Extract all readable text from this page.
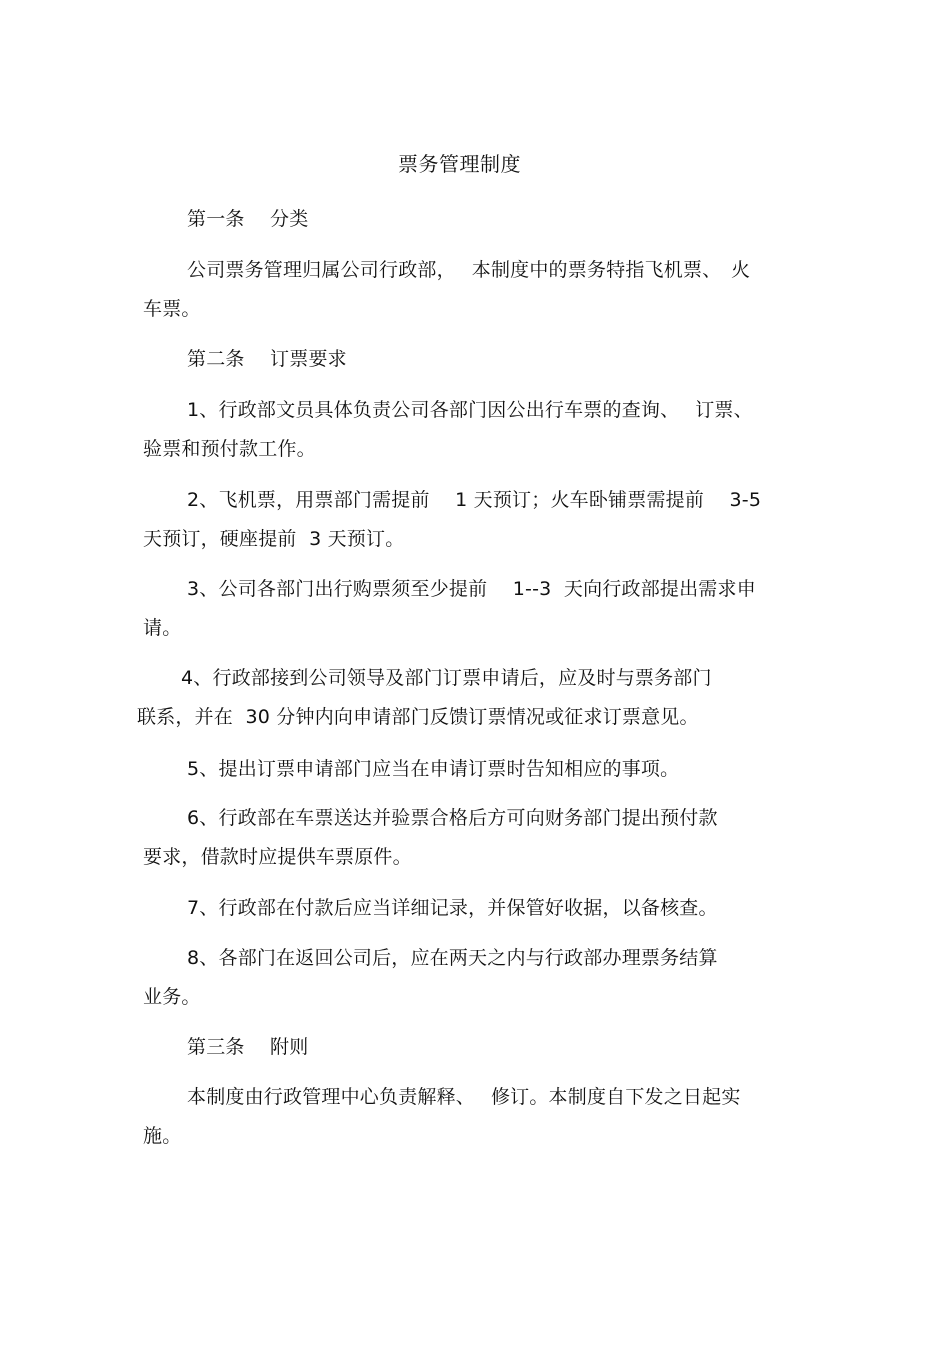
票务管理制度
第一条　 分类
公司票务管理归属公司行政部，　 本制度中的票务特指飞机票、　火
车票。
第二条　 订票要求
1、行政部文员具体负责公司各部门因公出行车票的查询、　 订票、
验票和预付款工作。
2、飞机票，用票部门需提前　 1 天预订；火车卧铺票需提前　 3-5
天预订，硬座提前  3 天预订。
3、公司各部门出行购票须至少提前　 1--3  天向行政部提出需求申
请。
4、行政部接到公司领导及部门订票申请后，应及时与票务部门
联系，并在  30 分钟内向申请部门反馈订票情况或征求订票意见。
5、提出订票申请部门应当在申请订票时告知相应的事项。
6、行政部在车票送达并验票合格后方可向财务部门提出预付款
要求，借款时应提供车票原件。
7、行政部在付款后应当详细记录，并保管好收据，以备核查。
8、各部门在返回公司后，应在两天之内与行政部办理票务结算
业务。
第三条　 附则
本制度由行政管理中心负责解释、　 修订。本制度自下发之日起实
施。
